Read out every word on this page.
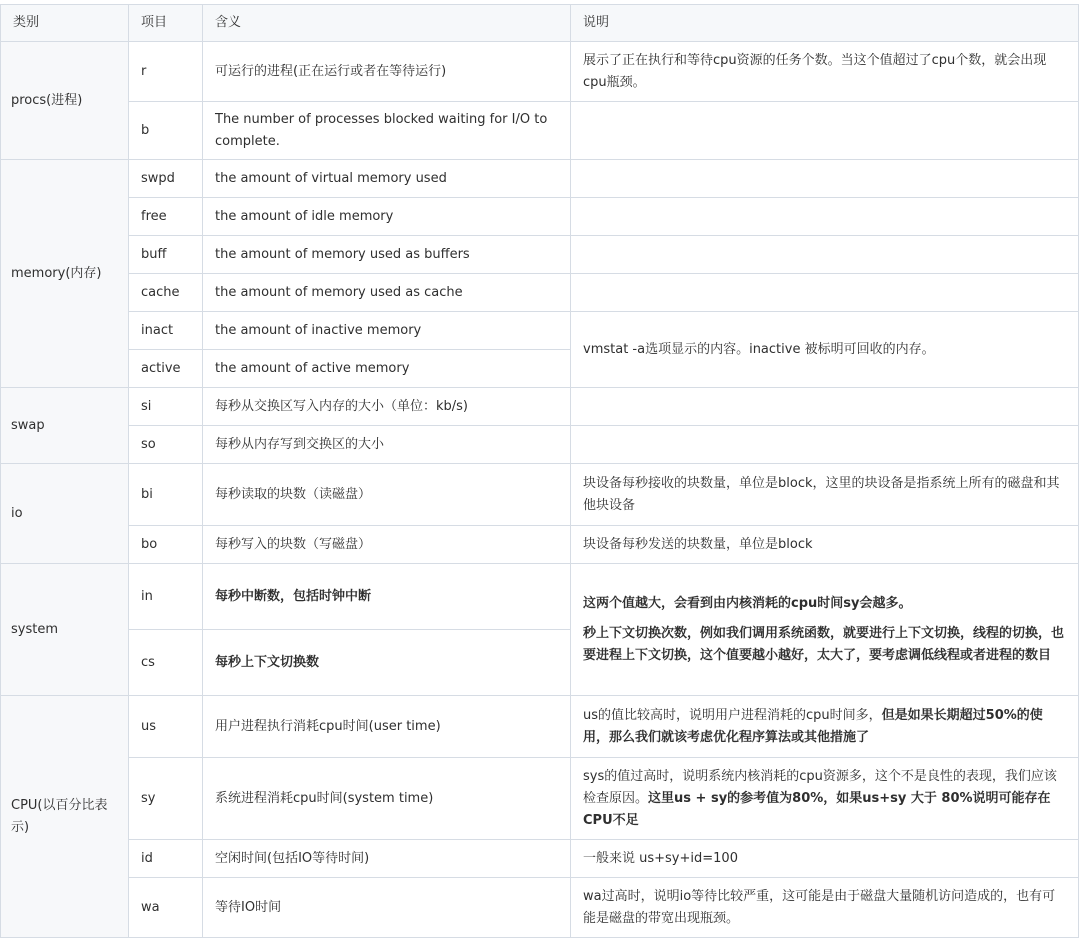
类别	项目	含义	说明
procs(进程)	r	可运行的进程(正在运行或者在等待运行)	展示了正在执行和等待cpu资源的任务个数。当这个值超过了cpu个数，就会出现cpu瓶颈。
	b	The number of processes blocked waiting for I/O to complete.	
memory(内存)	swpd	the amount of virtual memory used	
	free	the amount of idle memory	
	buff	the amount of memory used as buffers	
	cache	the amount of memory used as cache	
	inact	the amount of inactive memory	vmstat -a选项显示的内容。inactive 被标明可回收的内存。
	active	the amount of active memory	
swap	si	每秒从交换区写入内存的大小（单位：kb/s)	
	so	每秒从内存写到交换区的大小	
io	bi	每秒读取的块数（读磁盘）	块设备每秒接收的块数量，单位是block，这里的块设备是指系统上所有的磁盘和其他块设备
	bo	每秒写入的块数（写磁盘）	块设备每秒发送的块数量，单位是block
system	in	每秒中断数，包括时钟中断	这两个值越大，会看到由内核消耗的cpu时间sy会越多。

秒上下文切换次数，例如我们调用系统函数，就要进行上下文切换，线程的切换，也要进程上下文切换，这个值要越小越好，太大了，要考虑调低线程或者进程的数目

	cs	每秒上下文切换数	
CPU(以百分比表示)	us	用户进程执行消耗cpu时间(user time)	us的值比较高时，说明用户进程消耗的cpu时间多，但是如果长期超过50%的使用，那么我们就该考虑优化程序算法或其他措施了
	sy	系统进程消耗cpu时间(system time)	sys的值过高时，说明系统内核消耗的cpu资源多，这个不是良性的表现，我们应该检查原因。这里us + sy的参考值为80%，如果us+sy 大于 80%说明可能存在CPU不足
	id	空闲时间(包括IO等待时间)	一般来说 us+sy+id=100
	wa	等待IO时间	wa过高时，说明io等待比较严重，这可能是由于磁盘大量随机访问造成的，也有可能是磁盘的带宽出现瓶颈。
